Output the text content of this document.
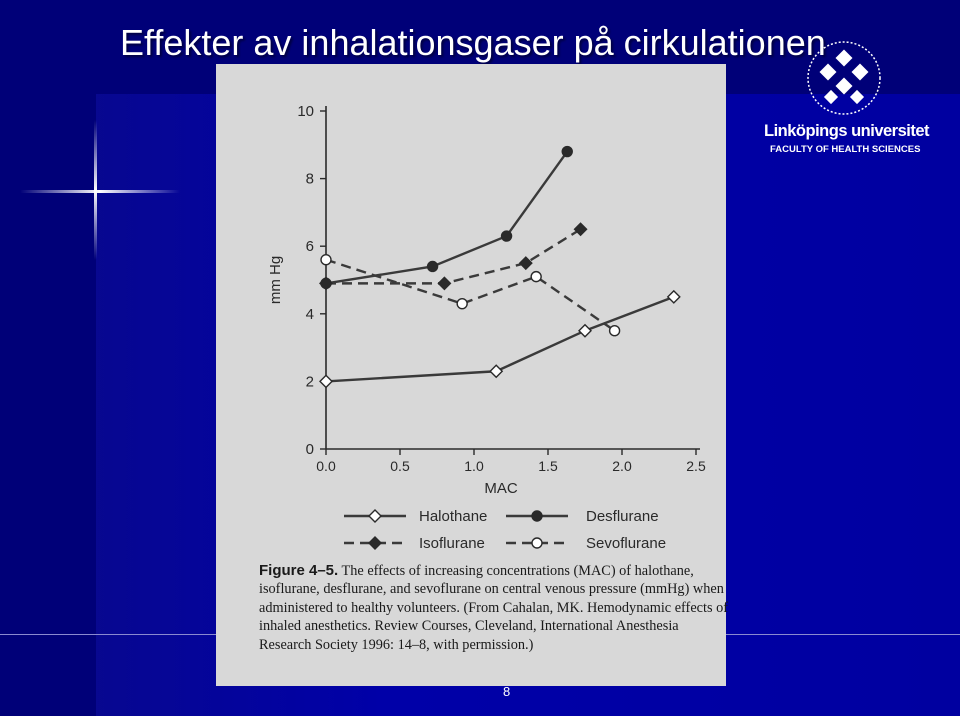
Effekter av inhalationsgaser på cirkulationen
Linköpings universitet
FACULTY OF HEALTH SCIENCES
0
2
4
6
8
10
0.0	0.5	1.0	1.5	2.0	2.5
MAC
mm Hg
Halothane	Desflurane
Isoflurane	Sevoflurane
Figure 4–5. The effects of increasing concentrations (MAC) of halothane, isoflurane, desflurane, and sevoflurane on central venous pressure (mmHg) when administered to healthy volunteers. (From Cahalan, MK. Hemodynamic effects of inhaled anesthetics. Review Courses, Cleveland, International Anesthesia Research Society 1996: 14–8, with permission.)
8
